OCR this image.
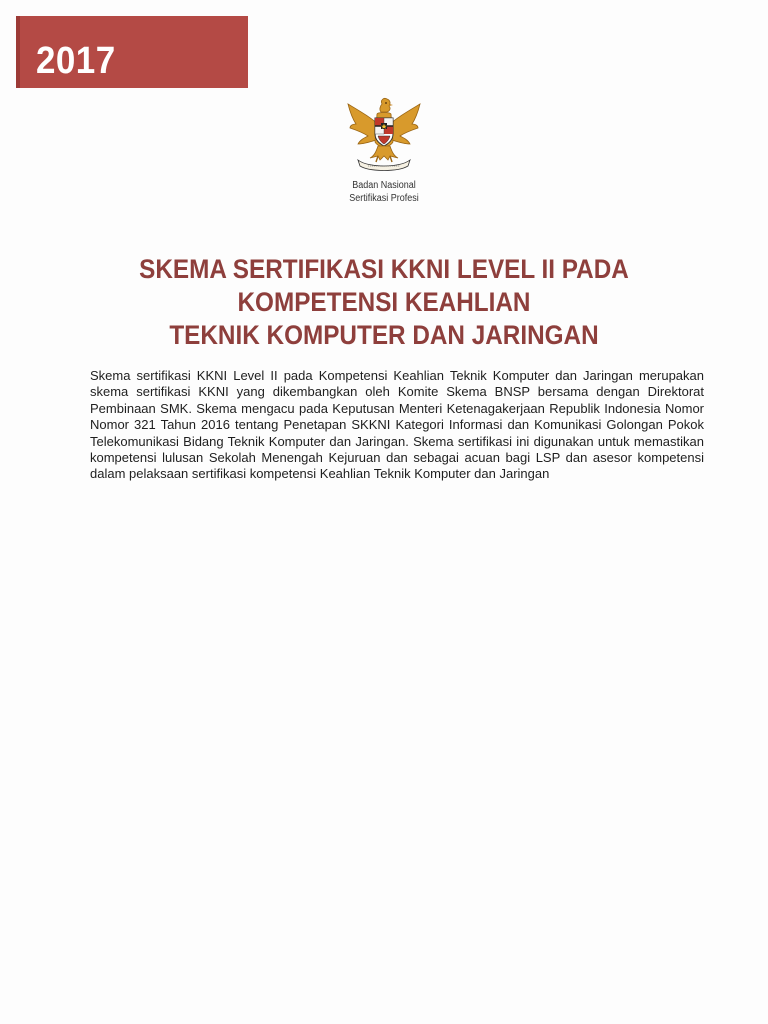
2017
Badan Nasional
Sertifikasi Profesi
SKEMA SERTIFIKASI KKNI LEVEL II PADA
KOMPETENSI KEAHLIAN
TEKNIK KOMPUTER DAN JARINGAN

Skema sertifikasi KKNI Level II pada Kompetensi Keahlian Teknik Komputer dan Jaringan merupakan skema sertifikasi KKNI yang dikembangkan oleh Komite Skema BNSP bersama dengan Direktorat Pembinaan SMK. Skema mengacu pada Keputusan Menteri Ketenagakerjaan Republik Indonesia Nomor Nomor 321 Tahun 2016 tentang Penetapan SKKNI Kategori Informasi dan Komunikasi Golongan Pokok Telekomunikasi Bidang Teknik Komputer dan Jaringan. Skema sertifikasi ini digunakan untuk memastikan kompetensi lulusan Sekolah Menengah Kejuruan dan sebagai acuan bagi LSP dan asesor kompetensi dalam pelaksaan sertifikasi kompetensi Keahlian Teknik Komputer dan Jaringan
